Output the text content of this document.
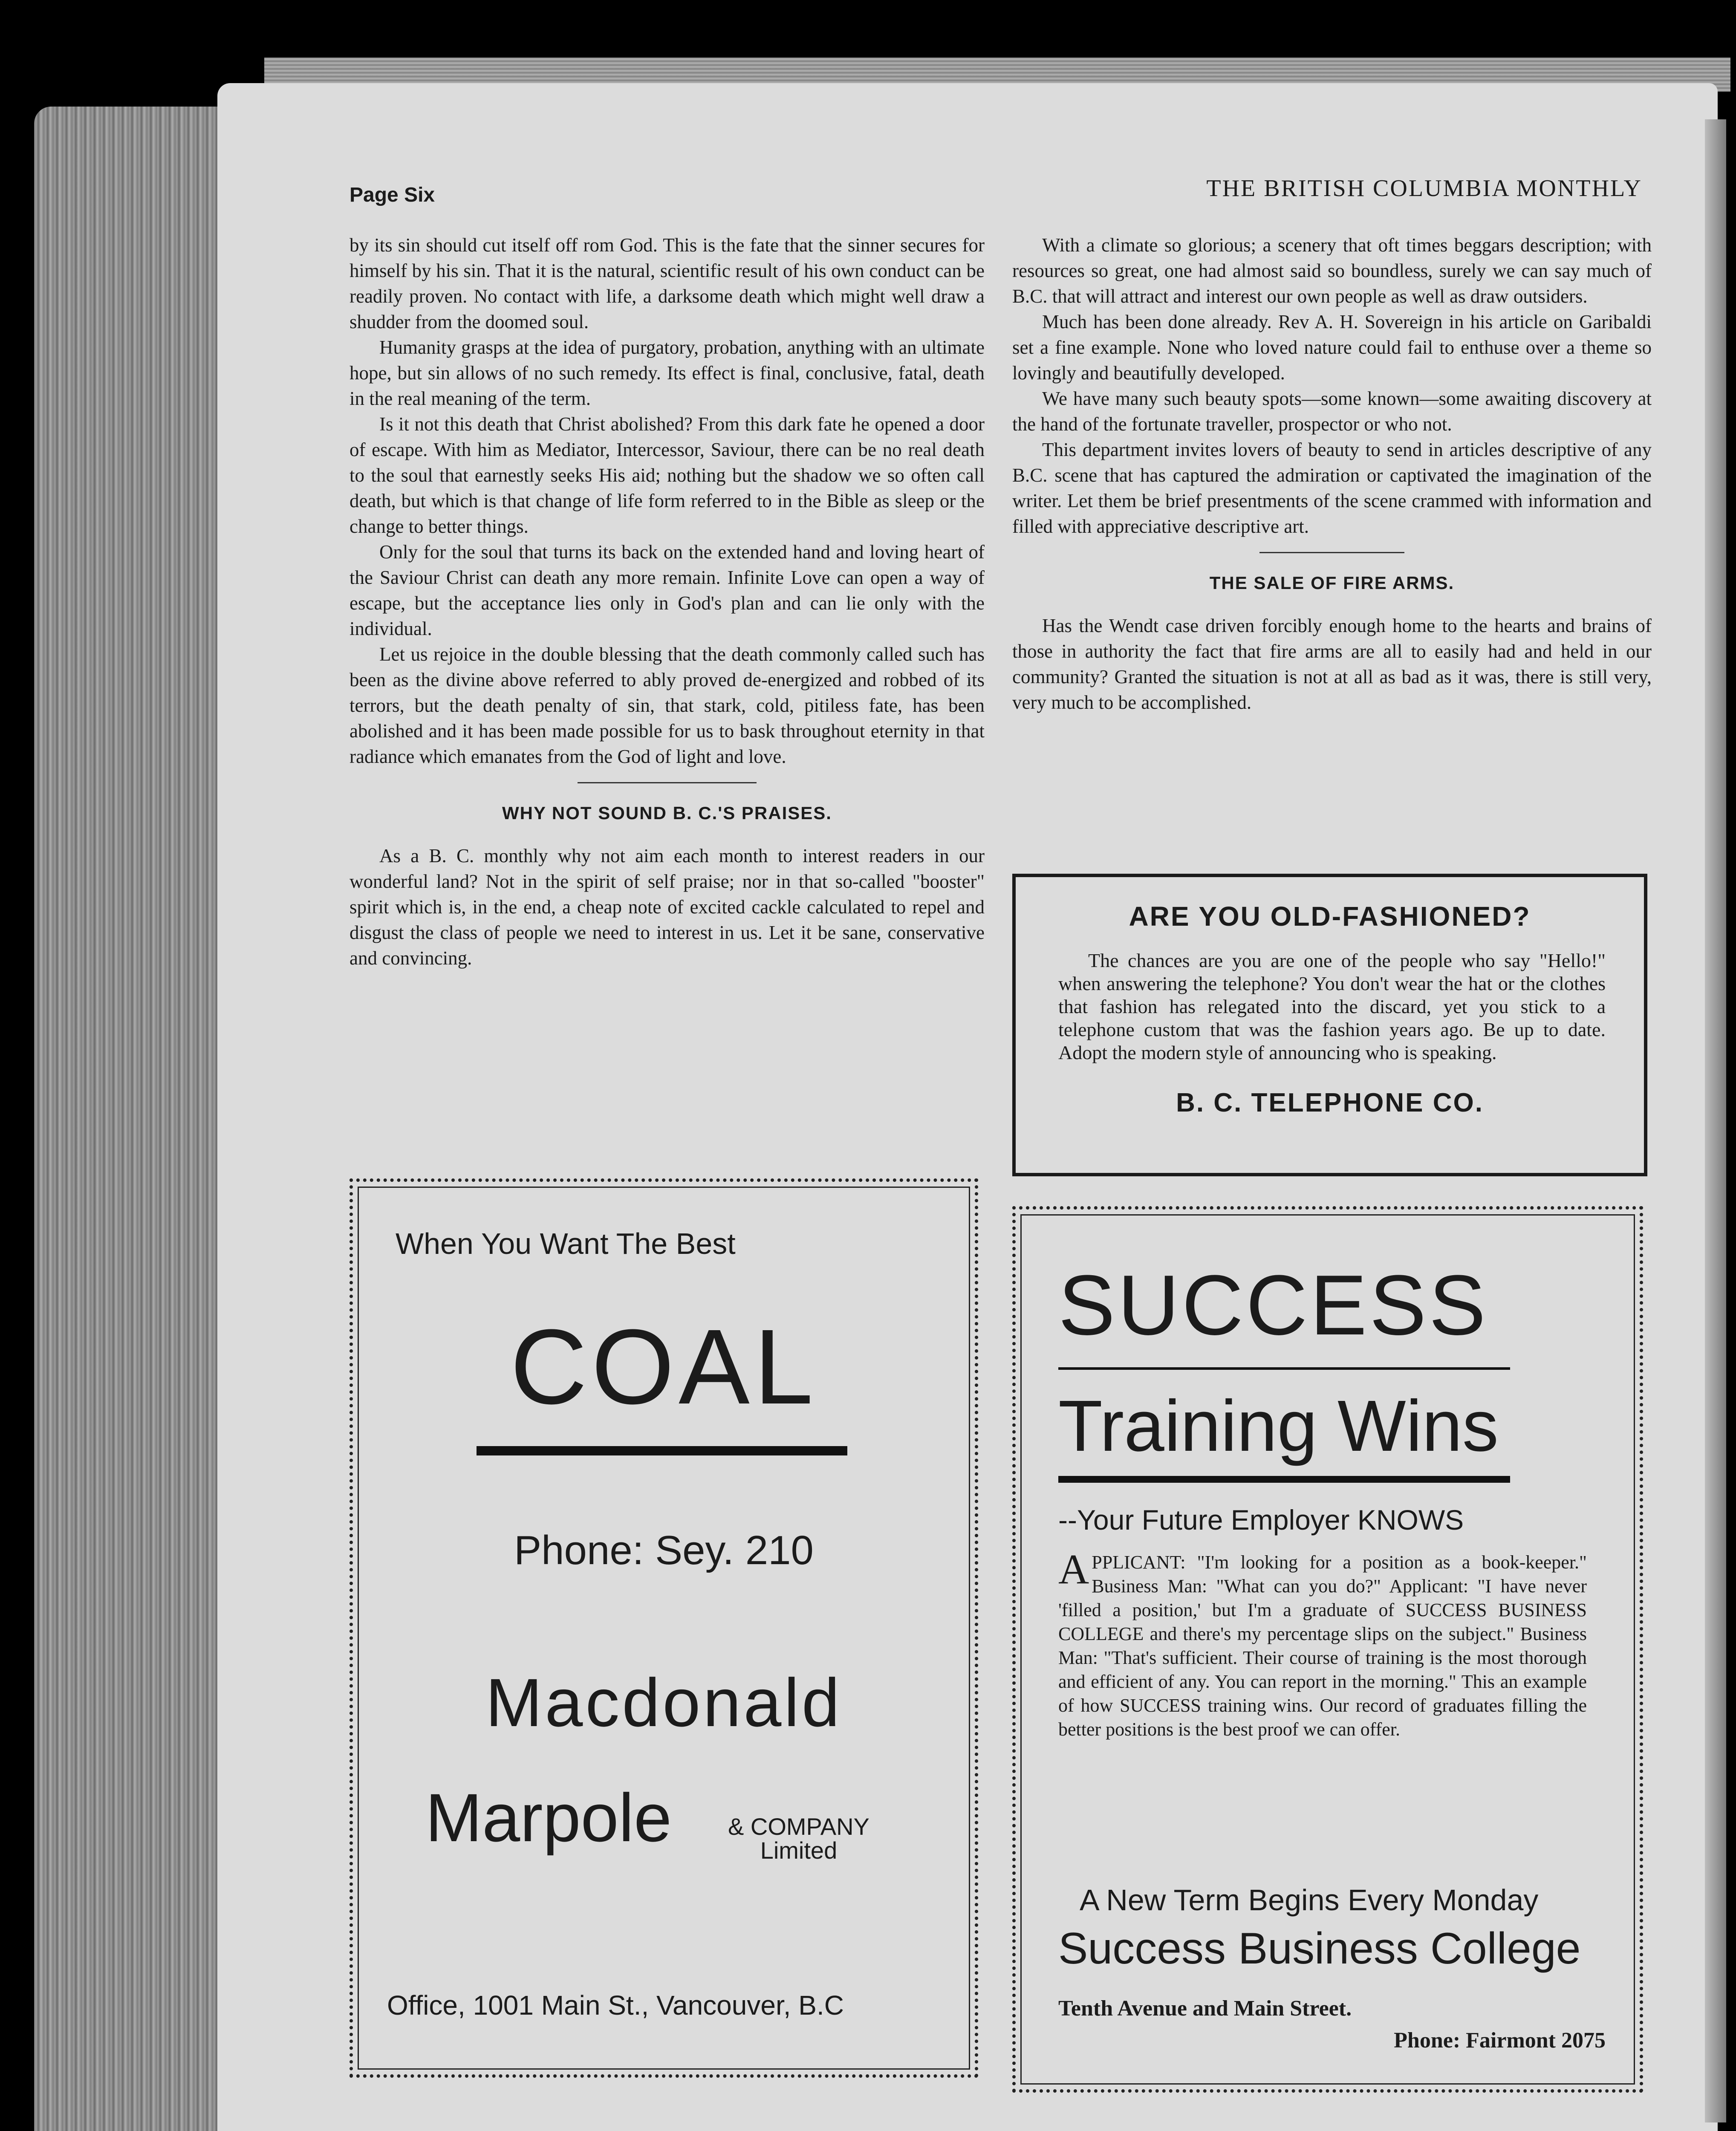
Page Six	THE BRITISH COLUMBIA MONTHLY

by its sin should cut itself off rom God. This is the fate that the sinner secures for himself by his sin. That it is the natural, scientific result of his own conduct can be readily proven. No contact with life, a darksome death which might well draw a shudder from the doomed soul.

Humanity grasps at the idea of purgatory, probation, anything with an ultimate hope, but sin allows of no such remedy. Its effect is final, conclusive, fatal, death in the real meaning of the term.

Is it not this death that Christ abolished? From this dark fate he opened a door of escape. With him as Mediator, Intercessor, Saviour, there can be no real death to the soul that earnestly seeks His aid; nothing but the shadow we so often call death, but which is that change of life form referred to in the Bible as sleep or the change to better things.

Only for the soul that turns its back on the extended hand and loving heart of the Saviour Christ can death any more remain. Infinite Love can open a way of escape, but the acceptance lies only in God's plan and can lie only with the individual.

Let us rejoice in the double blessing that the death commonly called such has been as the divine above referred to ably proved de-energized and robbed of its terrors, but the death penalty of sin, that stark, cold, pitiless fate, has been abolished and it has been made possible for us to bask throughout eternity in that radiance which emanates from the God of light and love.

WHY NOT SOUND B. C.'S PRAISES.

As a B. C. monthly why not aim each month to interest readers in our wonderful land? Not in the spirit of self praise; nor in that so-called "booster" spirit which is, in the end, a cheap note of excited cackle calculated to repel and disgust the class of people we need to interest in us. Let it be sane, conservative and convincing.

With a climate so glorious; a scenery that oft times beggars description; with resources so great, one had almost said so boundless, surely we can say much of B.C. that will attract and interest our own people as well as draw outsiders.

Much has been done already. Rev A. H. Sovereign in his article on Garibaldi set a fine example. None who loved nature could fail to enthuse over a theme so lovingly and beautifully developed.

We have many such beauty spots—some known—some awaiting discovery at the hand of the fortunate traveller, prospector or who not.

This department invites lovers of beauty to send in articles descriptive of any B.C. scene that has captured the admiration or captivated the imagination of the writer. Let them be brief presentments of the scene crammed with information and filled with appreciative descriptive art.

THE SALE OF FIRE ARMS.

Has the Wendt case driven forcibly enough home to the hearts and brains of those in authority the fact that fire arms are all to easily had and held in our community? Granted the situation is not at all as bad as it was, there is still very, very much to be accomplished.

ARE YOU OLD-FASHIONED?
The chances are you are one of the people who say "Hello!" when answering the telephone? You don't wear the hat or the clothes that fashion has relegated into the discard, yet you stick to a telephone custom that was the fashion years ago. Be up to date. Adopt the modern style of announcing who is speaking.
B. C. TELEPHONE CO.
When You Want The Best
COAL
Phone: Sey. 210
Macdonald
Marpole & COMPANY
Limited
Office, 1001 Main St., Vancouver, B.C
SUCCESS
Training Wins
--Your Future Employer KNOWS
APPLICANT: "I'm looking for a position as a book-keeper." Business Man: "What can you do?" Applicant: "I have never 'filled a position,' but I'm a graduate of SUCCESS BUSINESS COLLEGE and there's my percentage slips on the subject." Business Man: "That's sufficient. Their course of training is the most thorough and efficient of any. You can report in the morning." This an example of how SUCCESS training wins. Our record of graduates filling the better positions is the best proof we can offer.
A New Term Begins Every Monday
Success Business College
Tenth Avenue and Main Street.
Phone: Fairmont 2075
